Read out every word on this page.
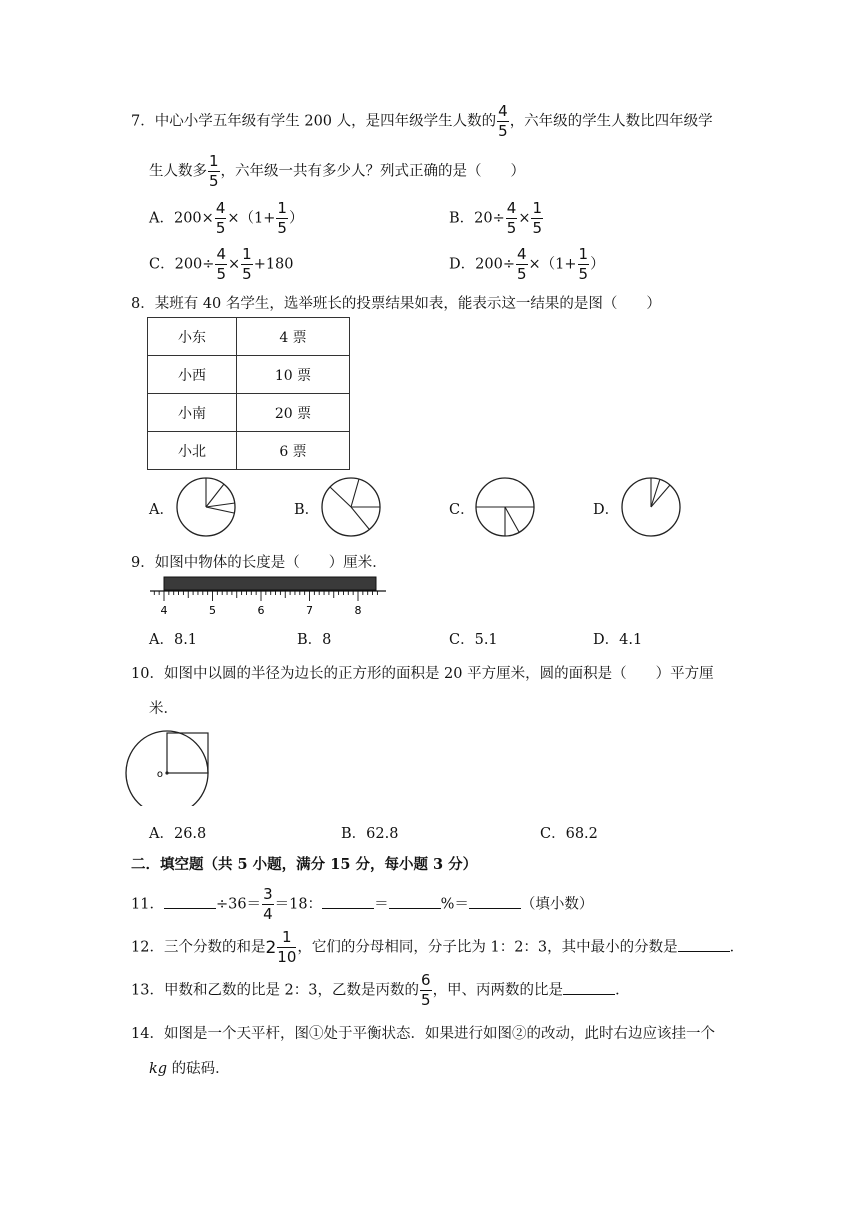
7．中心小学五年级有学生 200 人，是四年级学生人数的 $\frac{4}{5}$ ，六年级的学生人数比四年级学
生人数多 $\frac{1}{5}$ ，六年级一共有多少人？列式正确的是（　　）
A．$200\times \frac{4}{5} \times(1+ \frac{1}{5}$ ）	B．$20\div \frac{4}{5} \times \frac{1}{5}$
C．$200\div \frac{4}{5} \times \frac{1}{5} +180$	D．$200\div \frac{4}{5} \times(1+ \frac{1}{5}$ ）
8．某班有 40 名学生，选举班长的投票结果如表，能表示这一结果的是图（　　）
小东	4 票
小西	10 票
小南	20 票
小北	6 票
A．	B．	C．	D．
9．如图中物体的长度是（　　）厘米．
4	5	6	7	8
A．8.1	B．8	C．5.1	D．4.1
10．如图中以圆的半径为边长的正方形的面积是 20 平方厘米，圆的面积是（　　）平方厘
米．
o
A．26.8	B．62.8	C．68.2
二．填空题（共 5 小题，满分 15 分，每小题 3 分）
11．	$\div 36= \frac{3}{4} =18$：	＝	%＝	（填小数）
12．三个分数的和是$2 \frac{1}{10}$ ，它们的分母相同，分子比为 1：2：3，其中最小的分数是	．
13．甲数和乙数的比是 2：3，乙数是丙数的 $\frac{6}{5}$ ，甲、丙两数的比是	．
14．如图是一个天平杆，图①处于平衡状态．如果进行如图②的改动，此时右边应该挂一个
kg 的砝码．
